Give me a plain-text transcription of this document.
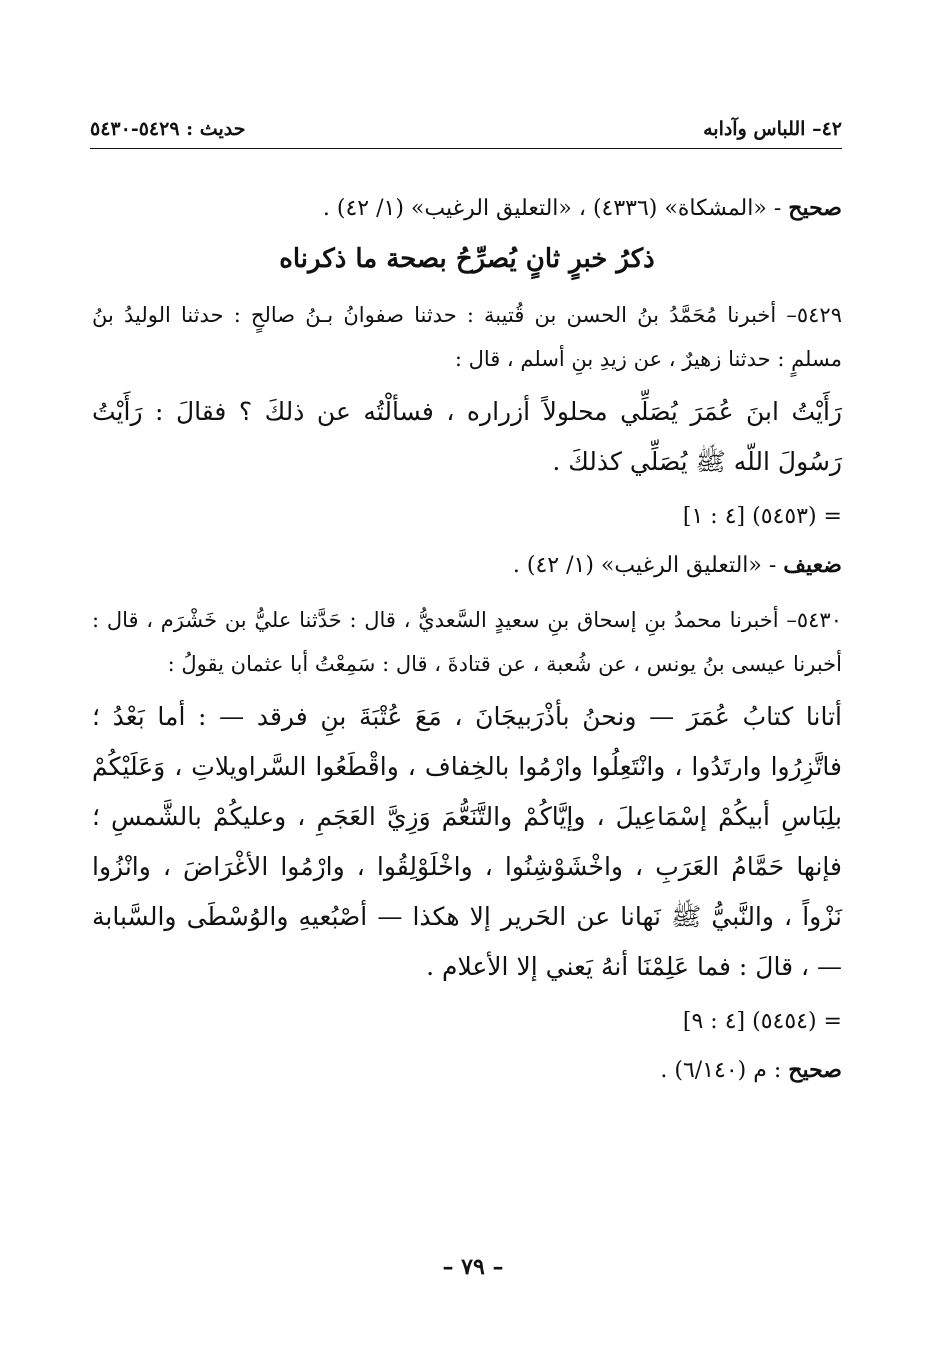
٤٢– اللباس وآدابه
حديث : ٥٤٢٩-٥٤٣٠

صحيح - «المشكاة» (٤٣٣٦) ، «التعليق الرغيب» (١/ ٤٢) .

ذكرُ خبرٍ ثانٍ يُصرِّحُ بصحة ما ذكرناه

٥٤٢٩– أخبرنا مُحَمَّدُ بنُ الحسن بن قُتيبة : حدثنا صفوانُ بـنُ صالحٍ : حدثنا الوليدُ بنُ مسلمٍ : حدثنا زهيرٌ ، عن زيدِ بنِ أسلم ، قال :

رَأَيْتُ ابنَ عُمَرَ يُصَلِّي محلولاً أزراره ، فسألْتُه عن ذلكَ ؟ فقالَ : رَأَيْتُ رَسُولَ اللّه ﷺ يُصَلِّي كذلكَ .

= (٥٤٥٣) [٤ : ١]

ضعيف - «التعليق الرغيب» (١/ ٤٢) .

٥٤٣٠– أخبرنا محمدُ بنِ إسحاق بنِ سعيدٍ السَّعديُّ ، قال : حَدَّثنا عليُّ بن خَشْرَم ، قال : أخبرنا عيسى بنُ يونس ، عن شُعبة ، عن قتادةَ ، قال : سَمِعْتُ أبا عثمان يقولُ :

أتانا كتابُ عُمَرَ — ونحنُ بأذْرَبيجَانَ ، مَعَ عُتْبَةَ بنِ فرقد — : أما بَعْدُ ؛ فاتَّزِرُوا وارتَدُوا ، وانْتَعِلُوا وارْمُوا بالخِفاف ، واقْطَعُوا السَّراويلاتِ ، وَعَلَيْكُمْ بلِبَاسِ أبيكُمْ إسْمَاعِيلَ ، وإيَّاكُمْ والتَّنَعُّمَ وَزِيَّ العَجَمِ ، وعليكُمْ بالشَّمسِ ؛ فإنها حَمَّامُ العَرَبِ ، واخْشَوْشِنُوا ، واخْلَوْلِقُوا ، وارْمُوا الأغْرَاضَ ، وانْزُوا نَزْواً ، والنَّبيُّ ﷺ نَهانا عن الحَرير إلا هكذا — أصْبُعيهِ والوُسْطَى والسَّبابة — ، قالَ : فما عَلِمْنَا أنهُ يَعني إلا الأعلام .

= (٥٤٥٤) [٤ : ٩]

صحيح : م (٦/١٤٠) .

– ٧٩ –
